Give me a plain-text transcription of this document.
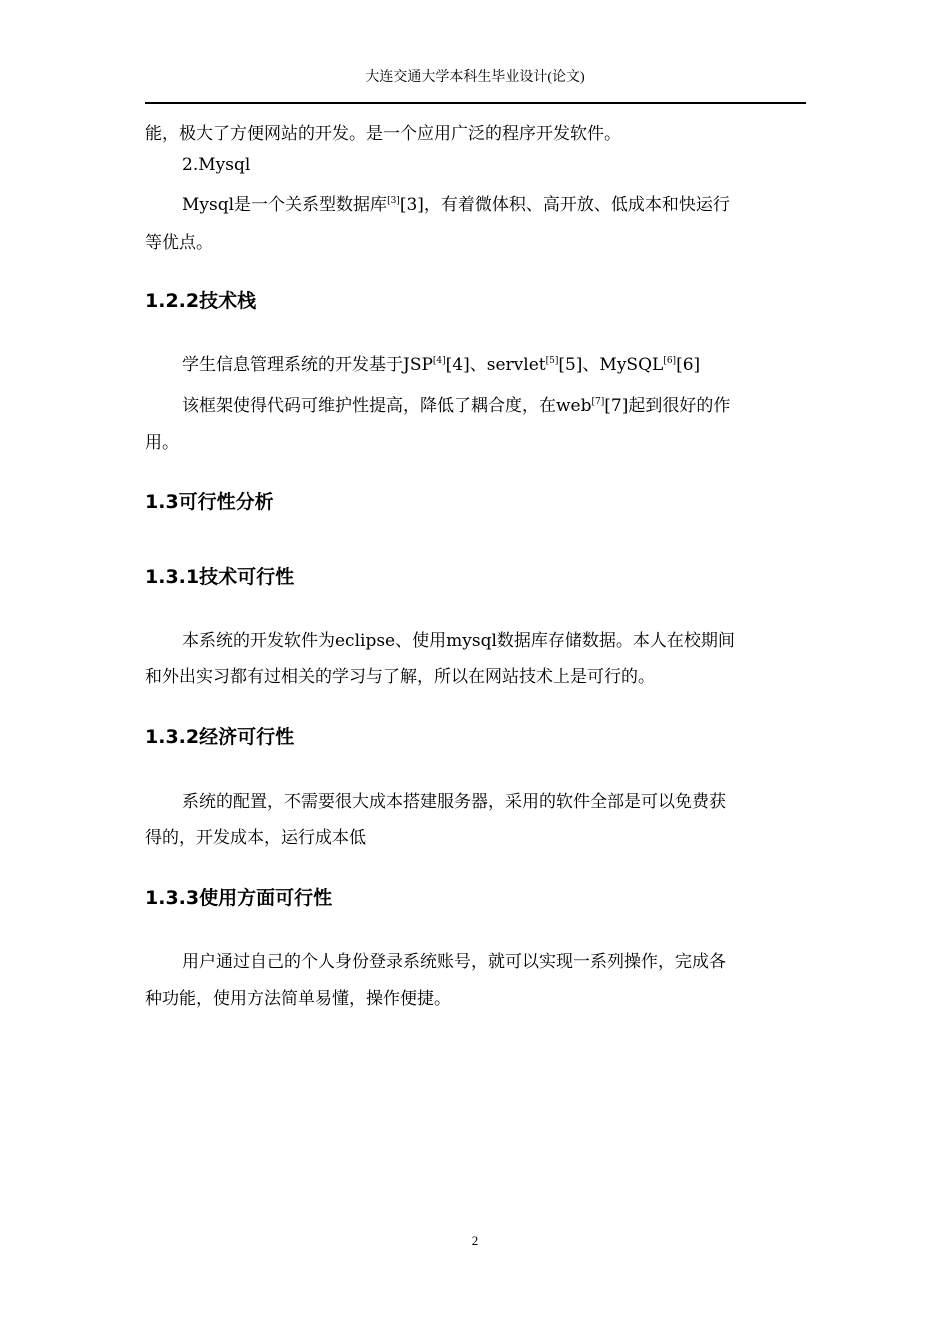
大连交通大学本科生毕业设计(论文)
能，极大了方便网站的开发。是一个应用广泛的程序开发软件。
2.Mysql
Mysql是一个关系型数据库[3][3]，有着微体积、高开放、低成本和快运行
等优点。
1.2.2技术栈
学生信息管理系统的开发基于JSP[4][4]、servlet[5][5]、MySQL[6][6]
该框架使得代码可维护性提高，降低了耦合度，在web[7][7]起到很好的作
用。
1.3可行性分析
1.3.1技术可行性
本系统的开发软件为eclipse、使用mysql数据库存储数据。本人在校期间
和外出实习都有过相关的学习与了解，所以在网站技术上是可行的。
1.3.2经济可行性
系统的配置，不需要很大成本搭建服务器，采用的软件全部是可以免费获
得的，开发成本，运行成本低
1.3.3使用方面可行性
用户通过自己的个人身份登录系统账号，就可以实现一系列操作，完成各
种功能，使用方法简单易懂，操作便捷。
2
